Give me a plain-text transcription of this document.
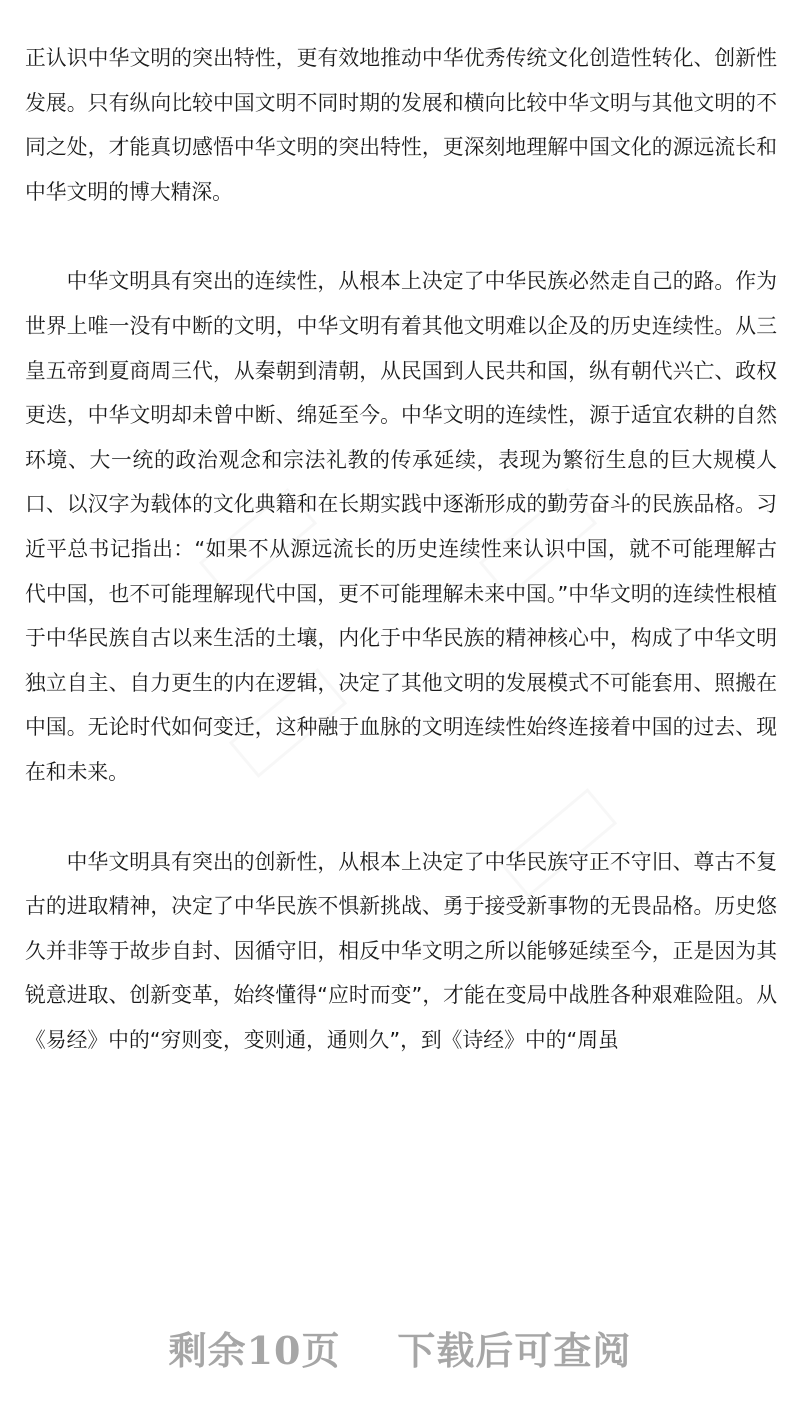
正认识中华文明的突出特性，更有效地推动中华优秀传统文化创造性转化、创新性发展。只有纵向比较中国文明不同时期的发展和横向比较中华文明与其他文明的不同之处，才能真切感悟中华文明的突出特性，更深刻地理解中国文化的源远流长和中华文明的博大精深。

中华文明具有突出的连续性，从根本上决定了中华民族必然走自己的路。作为世界上唯一没有中断的文明，中华文明有着其他文明难以企及的历史连续性。从三皇五帝到夏商周三代，从秦朝到清朝，从民国到人民共和国，纵有朝代兴亡、政权更迭，中华文明却未曾中断、绵延至今。中华文明的连续性，源于适宜农耕的自然环境、大一统的政治观念和宗法礼教的传承延续，表现为繁衍生息的巨大规模人口、以汉字为载体的文化典籍和在长期实践中逐渐形成的勤劳奋斗的民族品格。习近平总书记指出：“如果不从源远流长的历史连续性来认识中国，就不可能理解古代中国，也不可能理解现代中国，更不可能理解未来中国。”中华文明的连续性根植于中华民族自古以来生活的土壤，内化于中华民族的精神核心中，构成了中华文明独立自主、自力更生的内在逻辑，决定了其他文明的发展模式不可能套用、照搬在中国。无论时代如何变迁，这种融于血脉的文明连续性始终连接着中国的过去、现在和未来。

中华文明具有突出的创新性，从根本上决定了中华民族守正不守旧、尊古不复古的进取精神，决定了中华民族不惧新挑战、勇于接受新事物的无畏品格。历史悠久并非等于故步自封、因循守旧，相反中华文明之所以能够延续至今，正是因为其锐意进取、创新变革，始终懂得“应时而变”，才能在变局中战胜各种艰难险阻。从《易经》中的“穷则变，变则通，通则久”，到《诗经》中的“周虽

剩余10页    下载后可查阅
